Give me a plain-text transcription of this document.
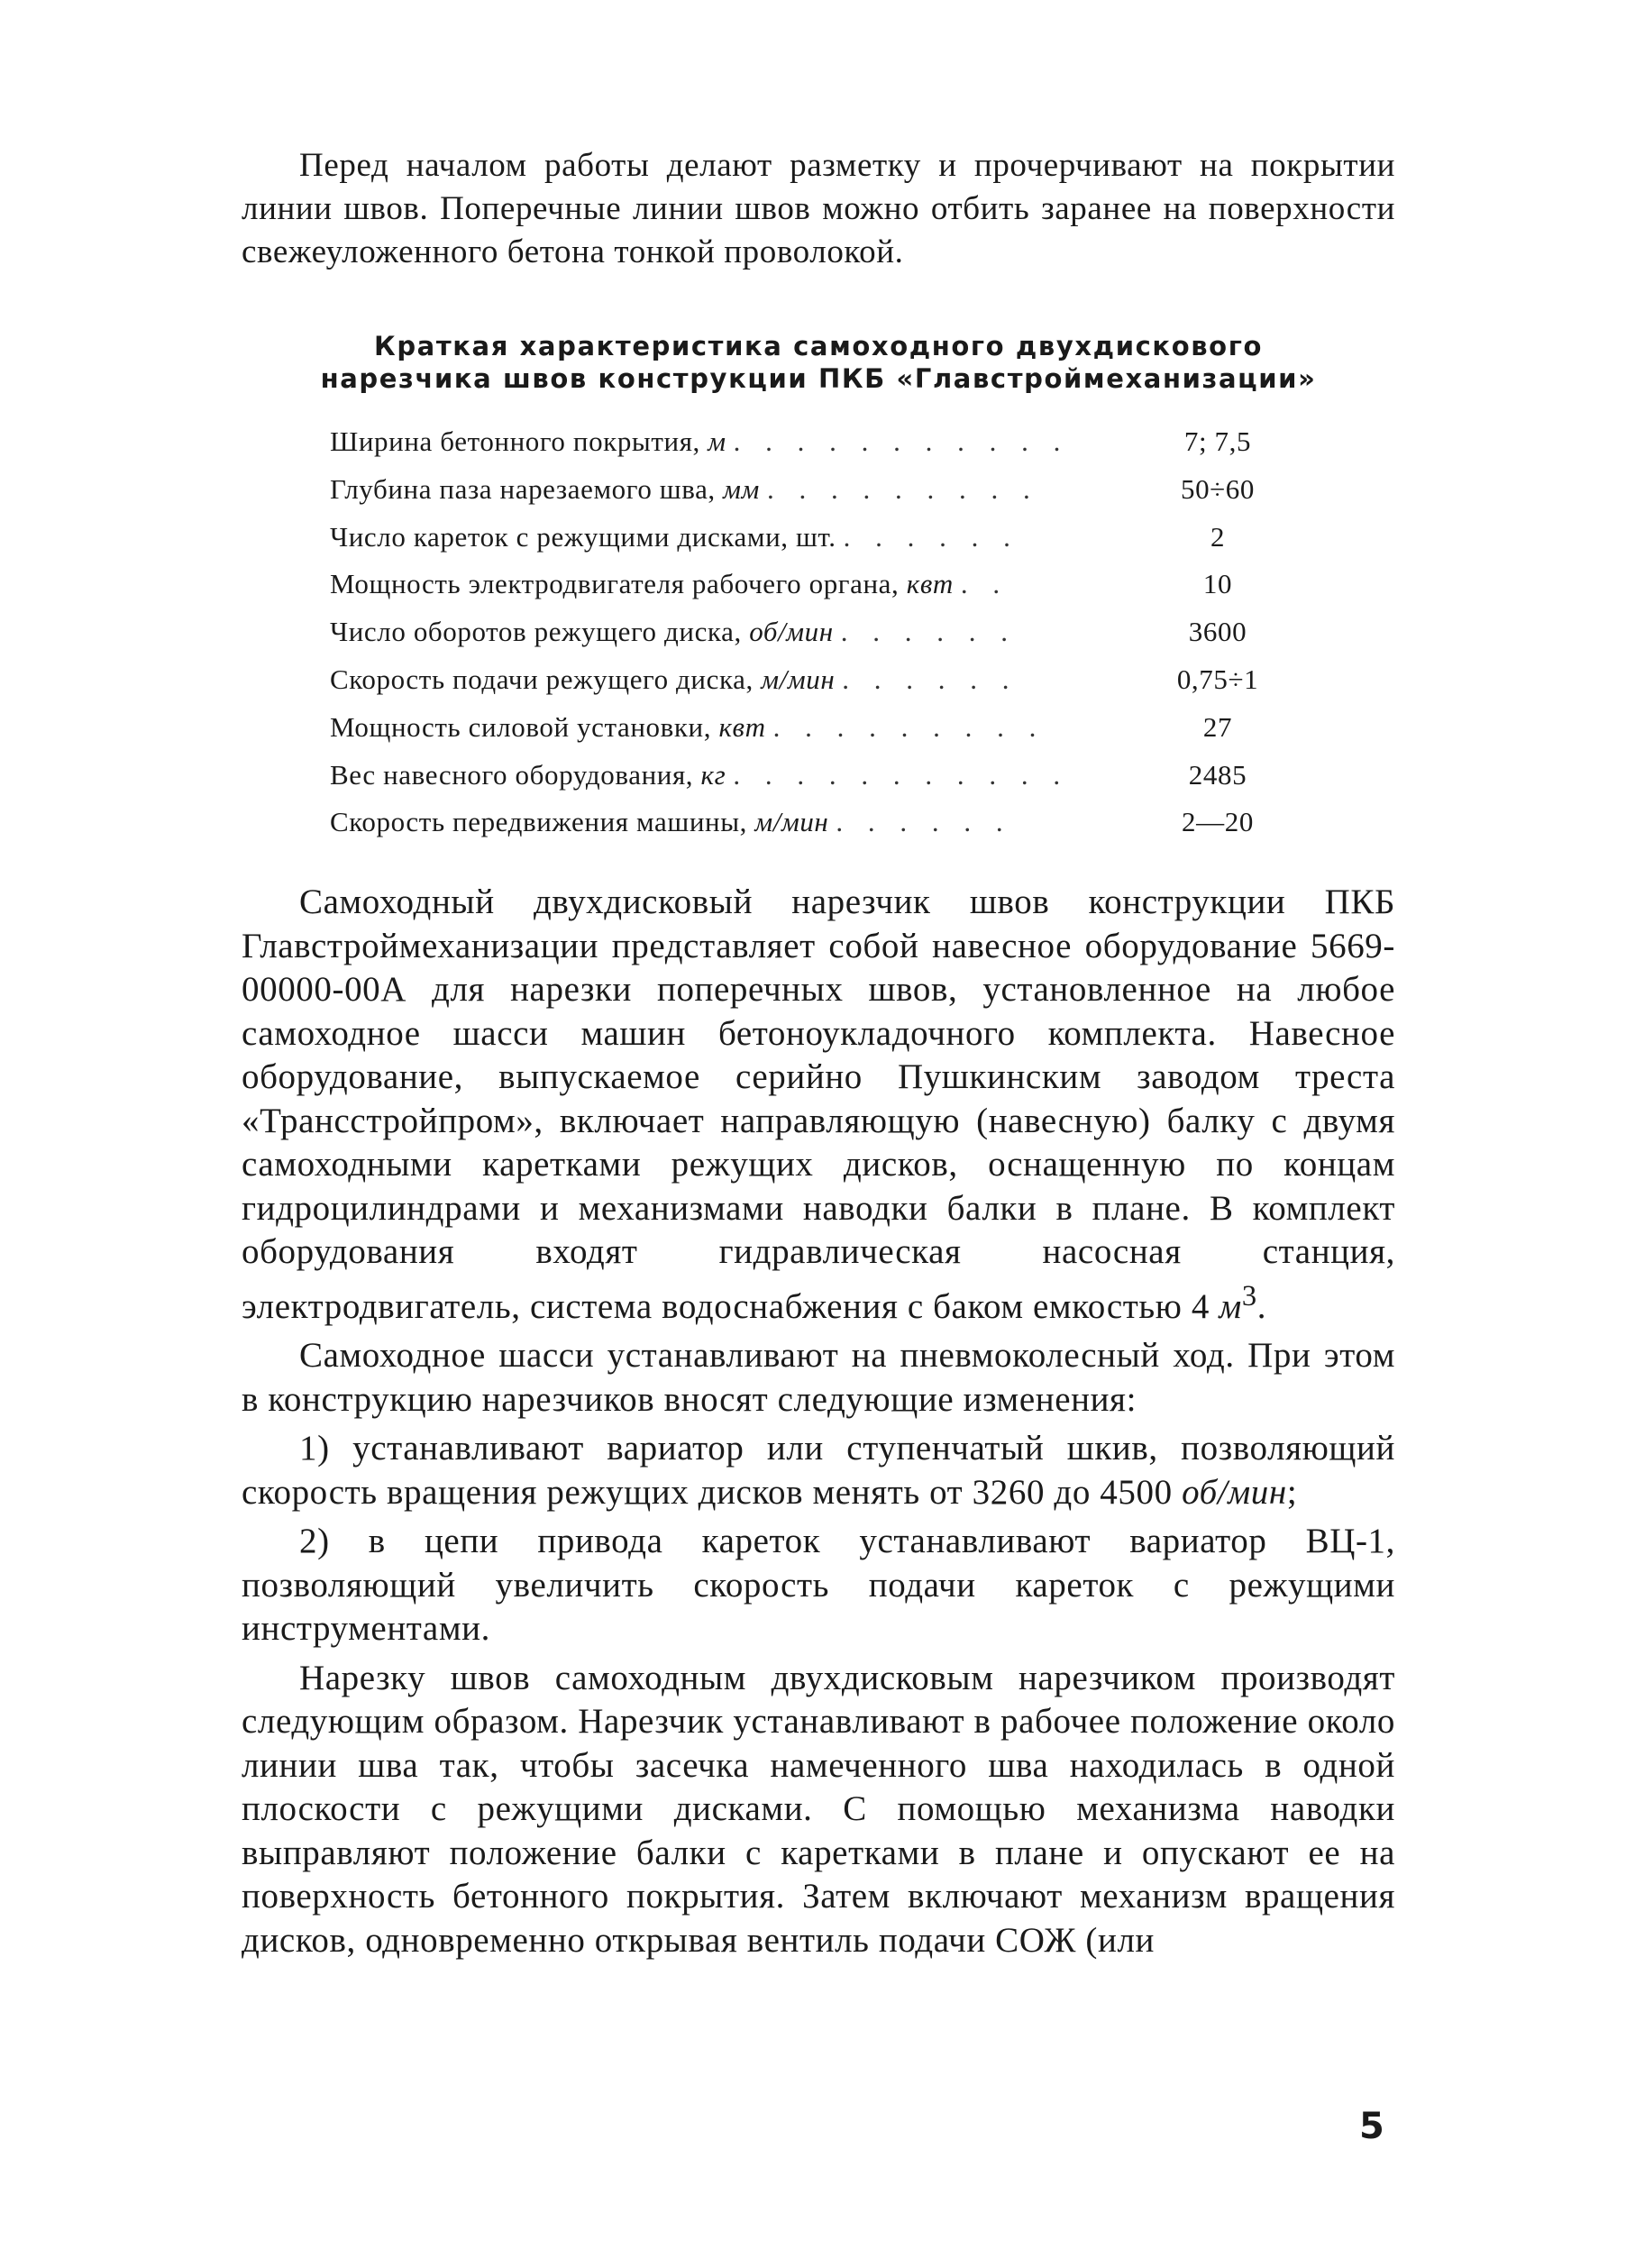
Перед началом работы делают разметку и прочерчивают на покрытии линии швов. Поперечные линии швов можно отбить заранее на поверхности свежеуложенного бетона тонкой проволокой.

Краткая характеристика самоходного двухдискового
нарезчика швов конструкции ПКБ «Главстроймеханизации»
Ширина бетонного покрытия, м . . . . . . . . . . .	7; 7,5
Глубина паза нарезаемого шва, мм . . . . . . . . .	50÷60
Число кареток с режущими дисками, шт. . . . . . .	2
Мощность электродвигателя рабочего органа, квт . .	10
Число оборотов режущего диска, об/мин . . . . . .	3600
Скорость подачи режущего диска, м/мин . . . . . .	0,75÷1
Мощность силовой установки, квт . . . . . . . . .	27
Вес навесного оборудования, кг . . . . . . . . . . .	2485
Скорость передвижения машины, м/мин . . . . . .	2—20

Самоходный двухдисковый нарезчик швов конструкции ПКБ Главстроймеханизации представляет собой навесное оборудование 5669-00000-00А для нарезки поперечных швов, установленное на любое самоходное шасси машин бетоноукладочного комплекта. Навесное оборудование, выпускаемое серийно Пушкинским заводом треста «Трансстройпром», включает направляющую (навесную) балку с двумя самоходными каретками режущих дисков, оснащенную по концам гидроцилиндрами и механизмами наводки балки в плане. В комплект оборудования входят гидравлическая насосная станция, электродвигатель, система водоснабжения с баком емкостью 4 $м^3$.

Самоходное шасси устанавливают на пневмоколесный ход. При этом в конструкцию нарезчиков вносят следующие изменения:

1) устанавливают вариатор или ступенчатый шкив, позволяющий скорость вращения режущих дисков менять от 3260 до 4500 об/мин;

2) в цепи привода кареток устанавливают вариатор ВЦ-1, позволяющий увеличить скорость подачи кареток с режущими инструментами.

Нарезку швов самоходным двухдисковым нарезчиком производят следующим образом. Нарезчик устанавливают в рабочее положение около линии шва так, чтобы засечка намеченного шва находилась в одной плоскости с режущими дисками. С помощью механизма наводки выправляют положение балки с каретками в плане и опускают ее на поверхность бетонного покрытия. Затем включают механизм вращения дисков, одновременно открывая вентиль подачи СОЖ (или

5
